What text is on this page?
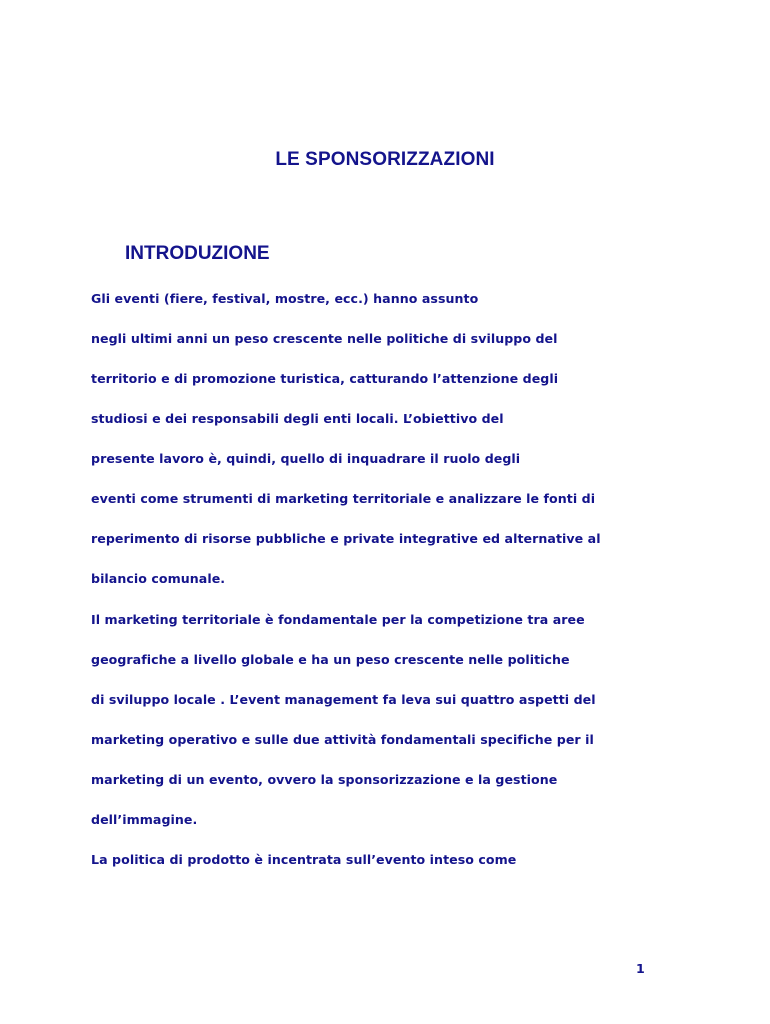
LE SPONSORIZZAZIONI
INTRODUZIONE
Gli eventi (fiere, festival, mostre, ecc.) hanno assunto
negli ultimi anni un peso crescente nelle politiche di sviluppo del
territorio e di promozione turistica, catturando l’attenzione degli
studiosi e dei responsabili degli enti locali. L’obiettivo del
presente lavoro è, quindi, quello di inquadrare il ruolo degli
eventi come strumenti di marketing territoriale e analizzare le fonti di
reperimento di risorse pubbliche e private integrative ed alternative al
bilancio comunale.
Il marketing territoriale è fondamentale per la competizione tra aree
geografiche a livello globale e ha un peso crescente nelle politiche
di sviluppo locale . L’event management fa leva sui quattro aspetti del
marketing operativo e sulle due attività fondamentali specifiche per il
marketing di un evento, ovvero la sponsorizzazione e la gestione
dell’immagine.
La politica di prodotto è incentrata sull’evento inteso come
1
